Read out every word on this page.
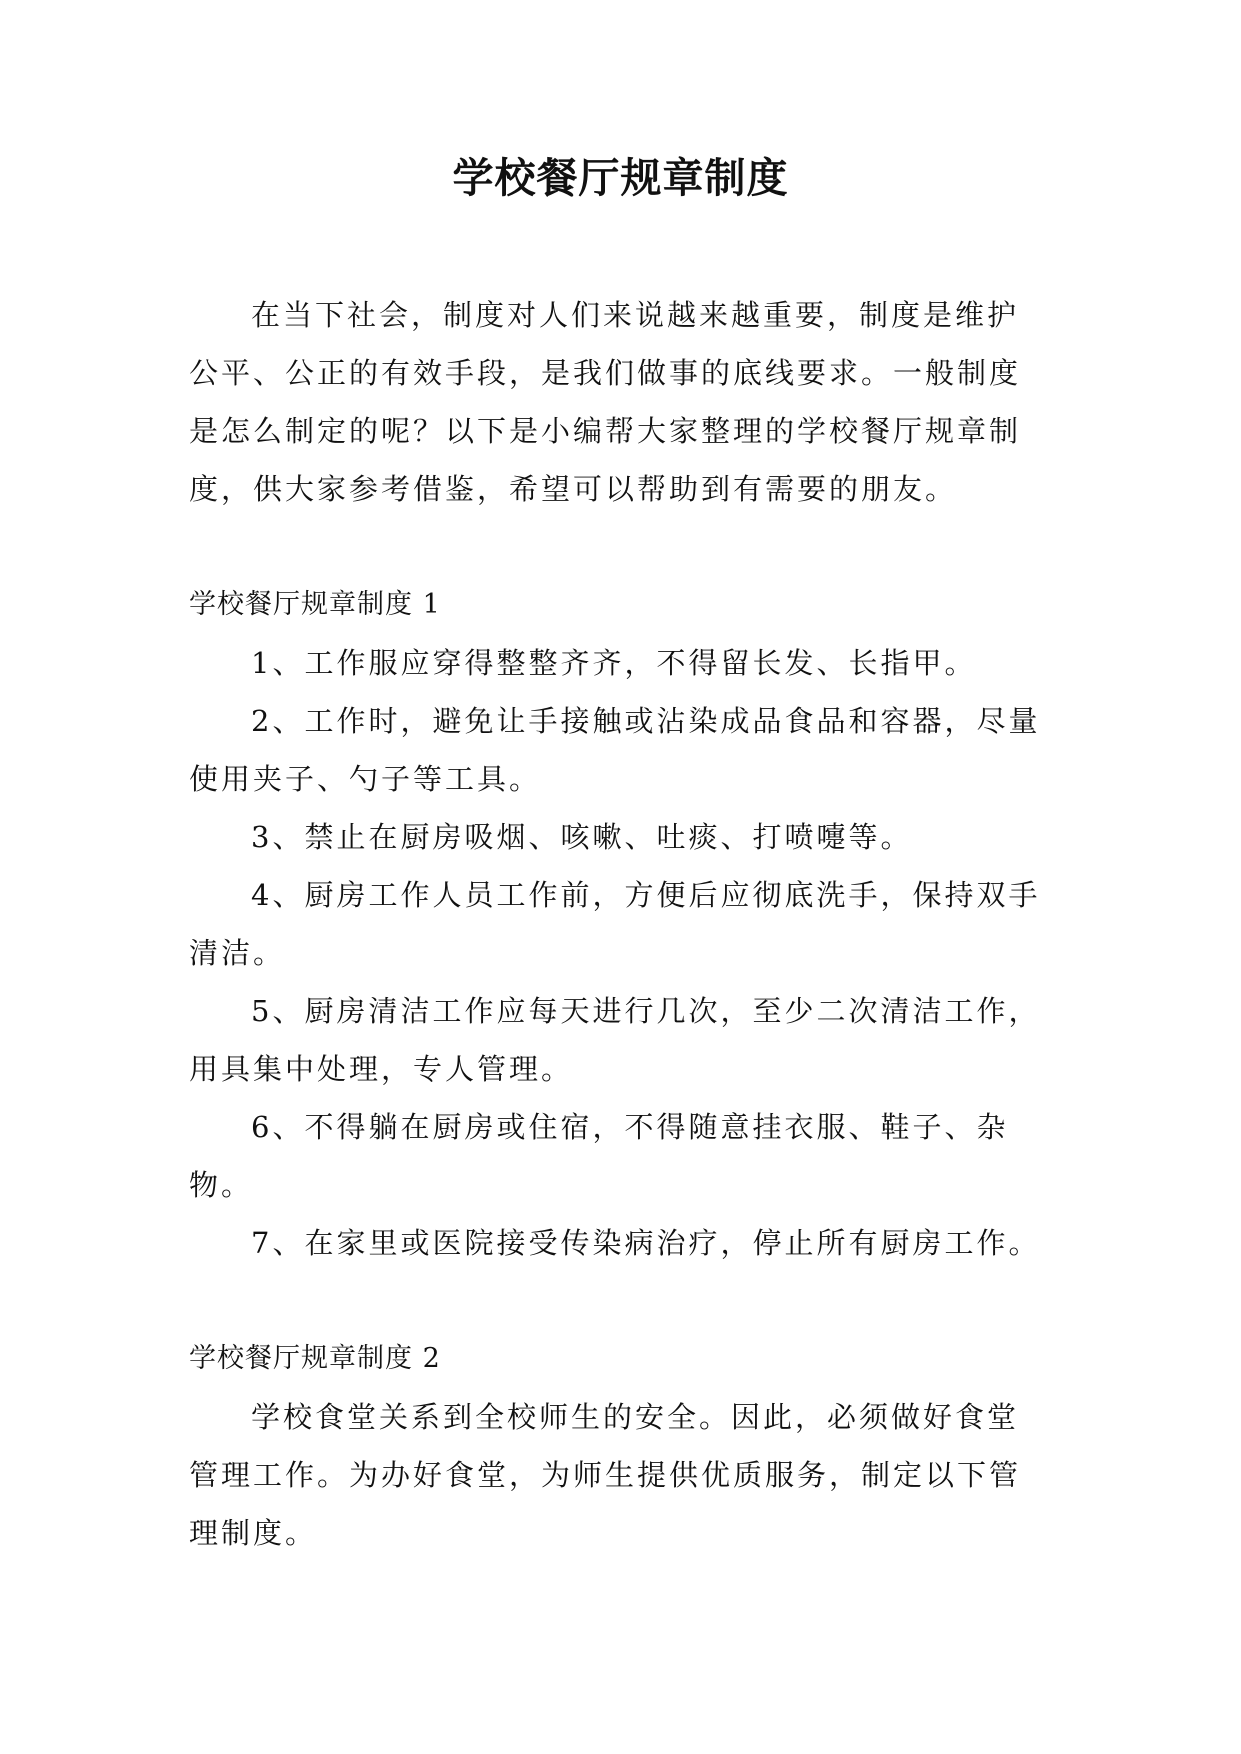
学校餐厅规章制度

在当下社会，制度对人们来说越来越重要，制度是维护公平、公正的有效手段，是我们做事的底线要求。一般制度是怎么制定的呢？以下是小编帮大家整理的学校餐厅规章制度，供大家参考借鉴，希望可以帮助到有需要的朋友。

学校餐厅规章制度 1

1、工作服应穿得整整齐齐，不得留长发、长指甲。

2、工作时，避免让手接触或沾染成品食品和容器，尽量使用夹子、勺子等工具。

3、禁止在厨房吸烟、咳嗽、吐痰、打喷嚏等。

4、厨房工作人员工作前，方便后应彻底洗手，保持双手清洁。

5、厨房清洁工作应每天进行几次，至少二次清洁工作，用具集中处理，专人管理。

6、不得躺在厨房或住宿，不得随意挂衣服、鞋子、杂物。

7、在家里或医院接受传染病治疗，停止所有厨房工作。

学校餐厅规章制度 2

学校食堂关系到全校师生的安全。因此，必须做好食堂管理工作。为办好食堂，为师生提供优质服务，制定以下管理制度。
